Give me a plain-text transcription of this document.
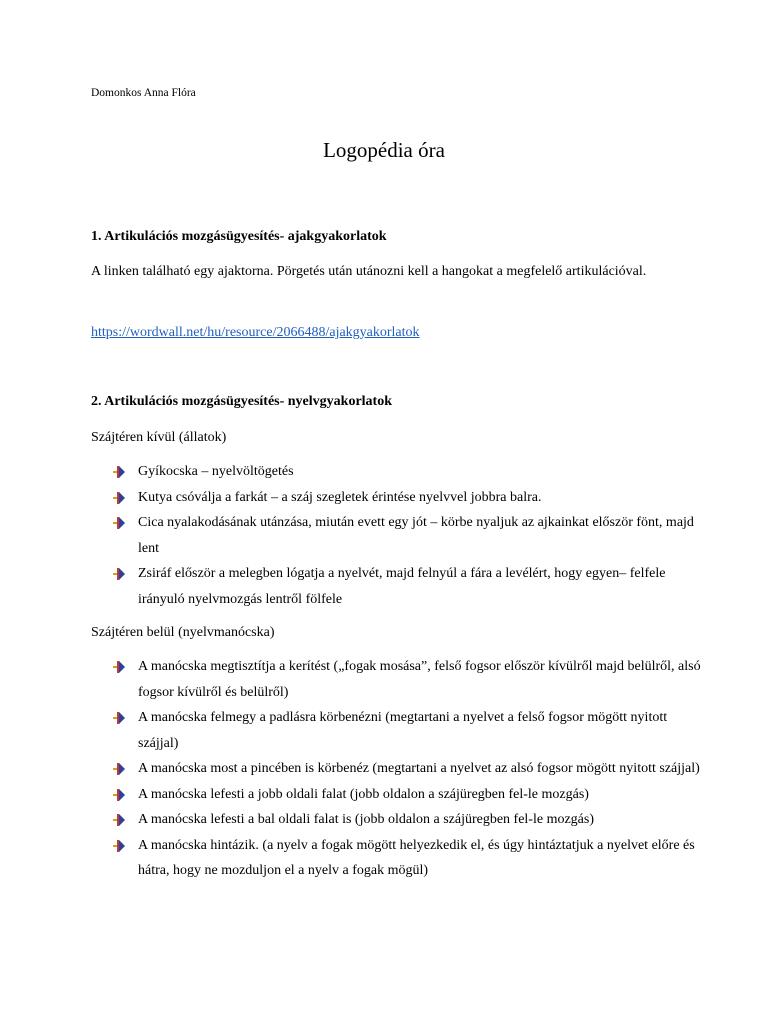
Domonkos Anna Flóra
Logopédia óra
1. Artikulációs mozgásügyesítés- ajakgyakorlatok
A linken található egy ajaktorna. Pörgetés után utánozni kell a hangokat a megfelelő artikulációval.
https://wordwall.net/hu/resource/2066488/ajakgyakorlatok
2. Artikulációs mozgásügyesítés- nyelvgyakorlatok
Szájtéren kívül (állatok)
Gyíkocska – nyelvöltögetés
Kutya csóválja a farkát – a száj szegletek érintése nyelvvel jobbra balra.
Cica nyalakodásának utánzása, miután evett egy jót – körbe nyaljuk az ajkainkat először fönt, majd lent
Zsiráf először a melegben lógatja a nyelvét, majd felnyúl a fára a levélért, hogy egyen– felfele irányuló nyelvmozgás lentről fölfele
Szájtéren belül (nyelvmanócska)
A manócska megtisztítja a kerítést („fogak mosása”, felső fogsor először kívülről majd belülről, alsó fogsor kívülről és belülről)
A manócska felmegy a padlásra körbenézni (megtartani a nyelvet a felső fogsor mögött nyitott szájjal)
A manócska most a pincében is körbenéz (megtartani a nyelvet az alsó fogsor mögött nyitott szájjal)
A manócska lefesti a jobb oldali falat (jobb oldalon a szájüregben fel-le mozgás)
A manócska lefesti a bal oldali falat is (jobb oldalon a szájüregben fel-le mozgás)
A manócska hintázik. (a nyelv a fogak mögött helyezkedik el, és úgy hintáztatjuk a nyelvet előre és hátra, hogy ne mozduljon el a nyelv a fogak mögül)
